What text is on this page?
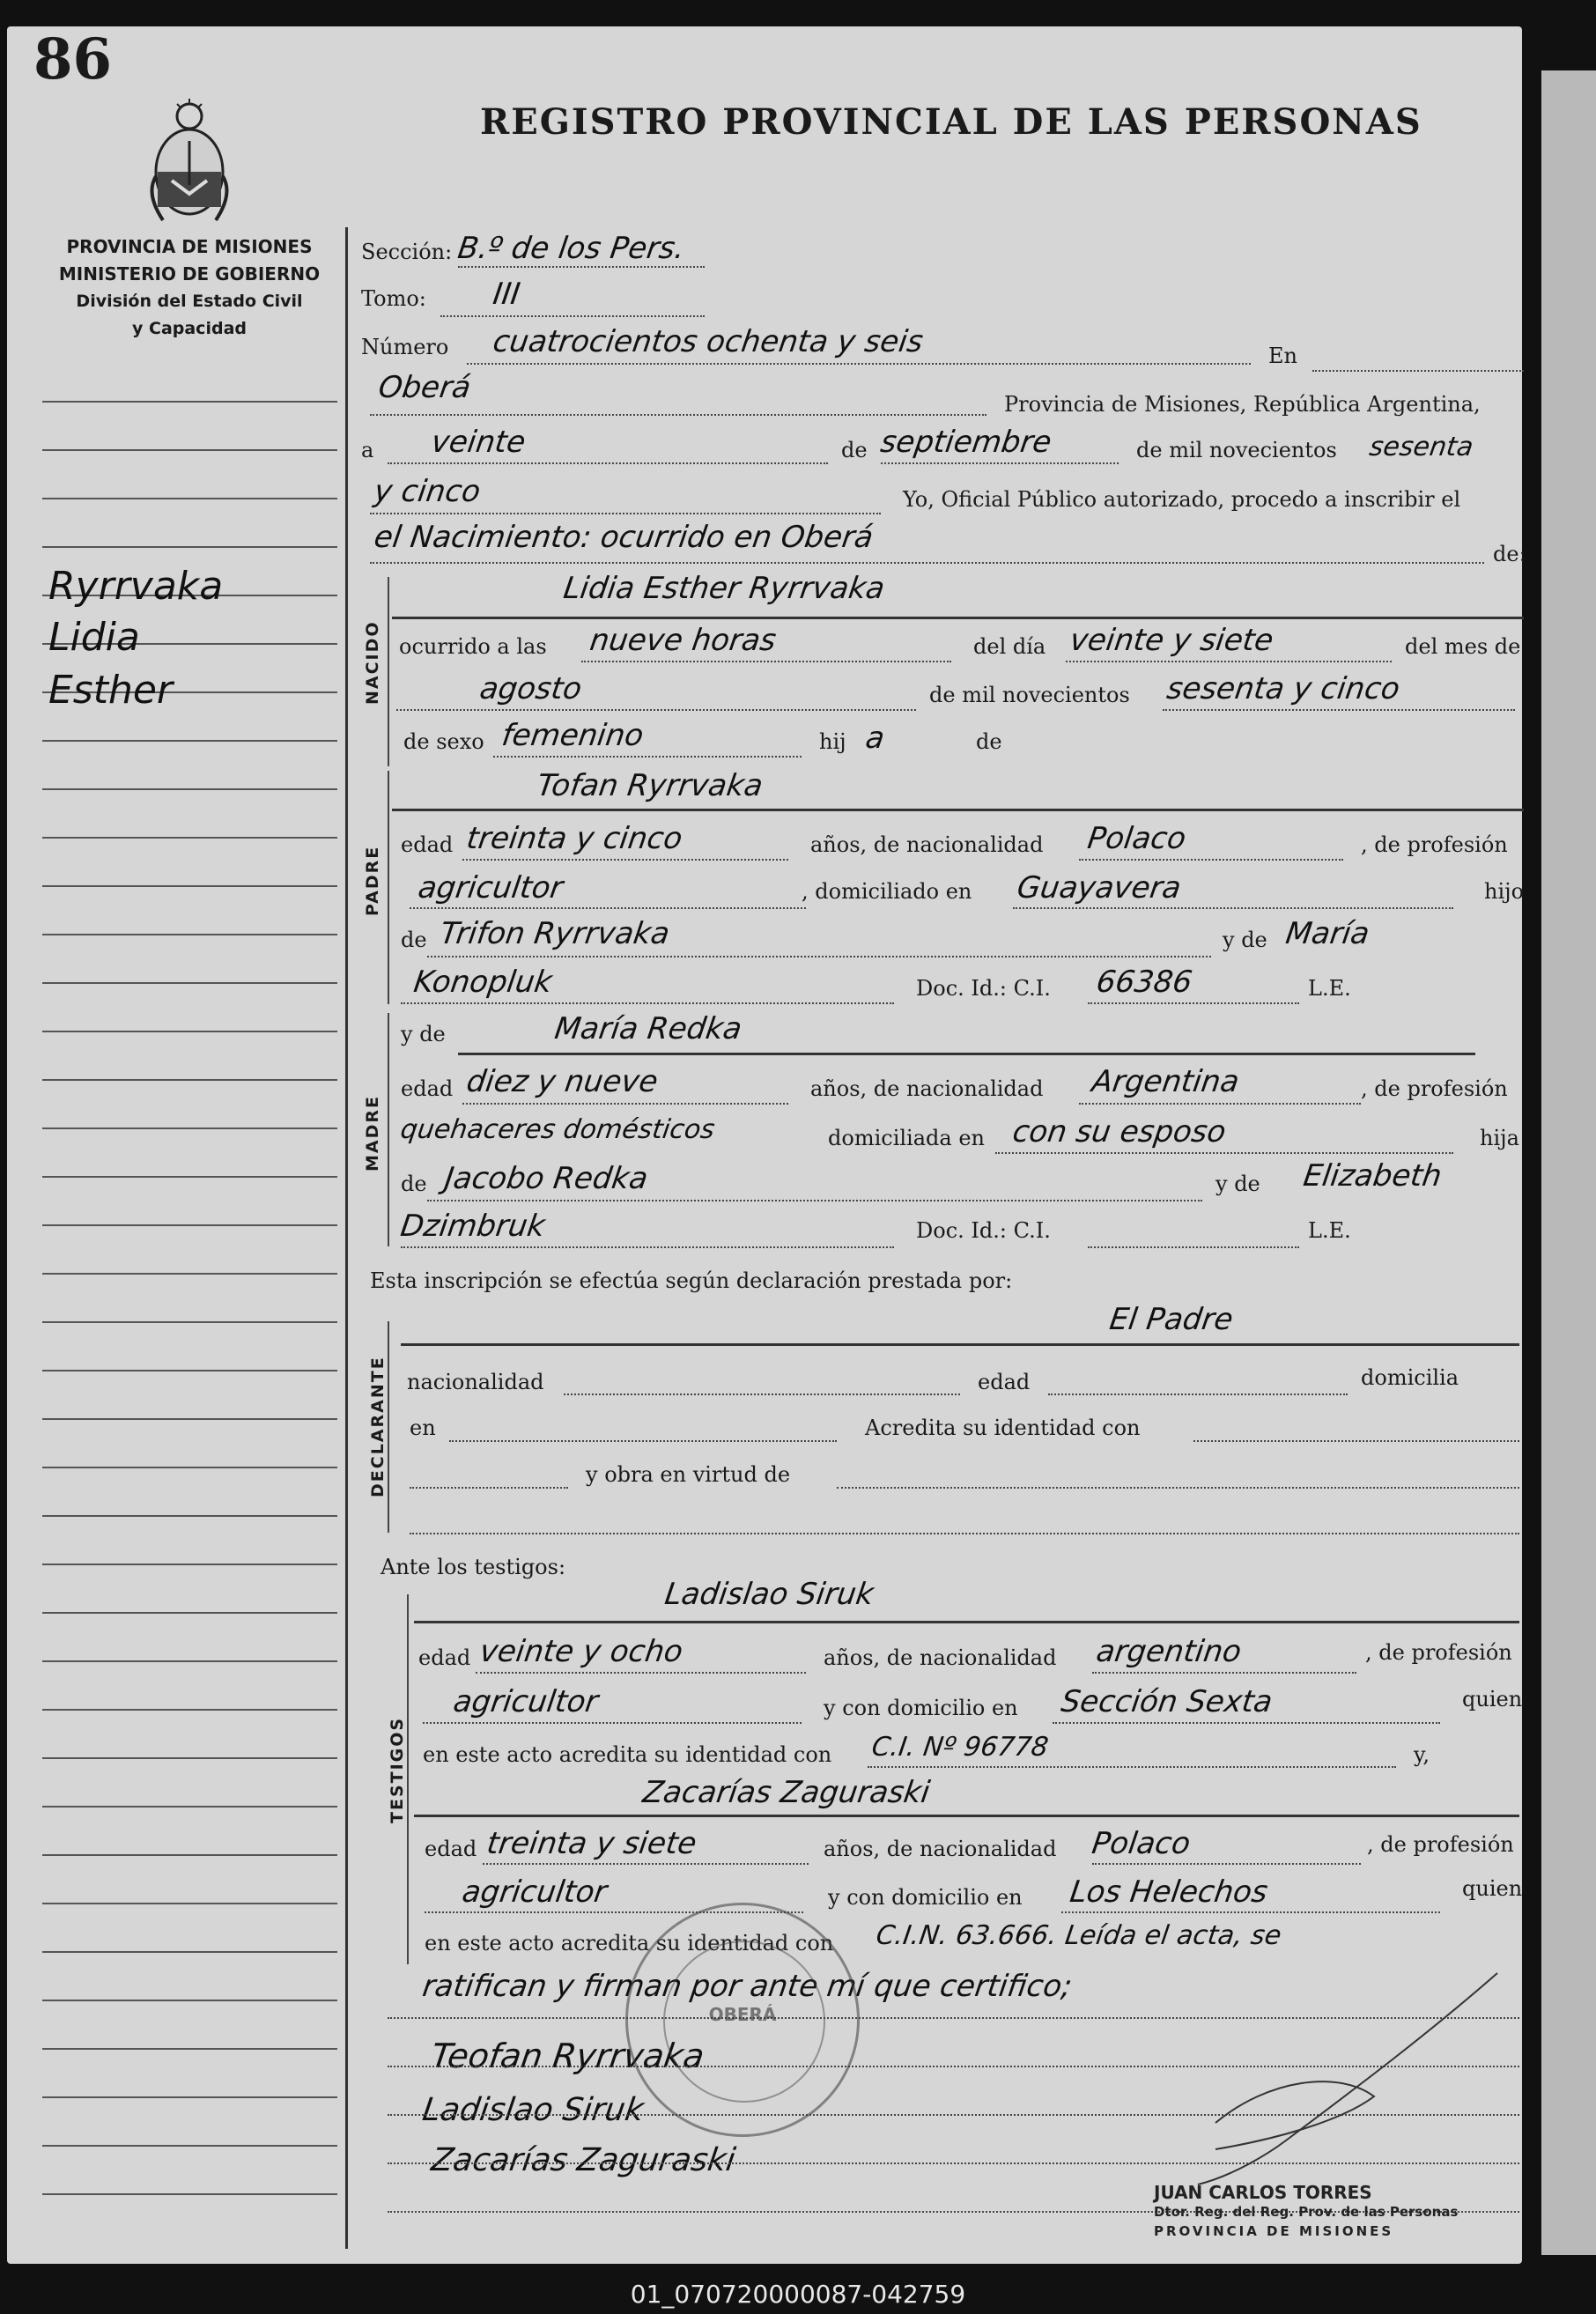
86
REGISTRO PROVINCIAL DE LAS PERSONAS
PROVINCIA DE MISIONES
MINISTERIO DE GOBIERNO
División del Estado Civil
y Capacidad
Ryrrvaka
Lidia
Esther
Sección: B.º de los Pers.
Tomo: III
Número cuatrocientos ochenta y seis	En
Oberá	Provincia de Misiones, República Argentina,
a veinte	de septiembre	de mil novecientos sesenta
y cinco	Yo, Oficial Público autorizado, procedo a inscribir el
el Nacimiento: ocurrido en Oberá	de:
NACIDO
Lidia Esther Ryrrvaka
ocurrido a las nueve horas	del día veinte y siete	del mes de
agosto	de mil novecientos sesenta y cinco
de sexo femenino	hij a	de
PADRE
Tofan Ryrrvaka
edad treinta y cinco	años, de nacionalidad Polaco	, de profesión
agricultor	, domiciliado en Guayavera	hijo
de Trifon Ryrrvaka	y de María
Konopluk	Doc. Id.: C.I. 66386	L.E.
MADRE
y de	María Redka
edad diez y nueve	años, de nacionalidad Argentina	, de profesión
quehaceres domésticos	domiciliada en con su esposo	hija
de Jacobo Redka	y de Elizabeth
Dzimbruk	Doc. Id.: C.I.	L.E.
Esta inscripción se efectúa según declaración prestada por:
El Padre
DECLARANTE nacionalidad	edad	domicilia
en	Acredita su identidad con
y obra en virtud de
Ante los testigos:
TESTIGOS
Ladislao Siruk
edad veinte y ocho	años, de nacionalidad argentino	, de profesión
agricultor	y con domicilio en Sección Sexta	quien
en este acto acredita su identidad con C.I. Nº 96778	y,
Zacarías Zaguraski
edad treinta y siete	años, de nacionalidad Polaco	, de profesión
agricultor	y con domicilio en Los Helechos	quien
en este acto acredita su identidad con C.I.N. 63.666. Leída el acta, se
ratifican y firman por ante mí que certifico;
Teofan Ryrrvaka
Ladislao Siruk
Zacarías Zaguraski
OBERÁ
JUAN CARLOS TORRES
Dtor. Reg. del Reg. Prov. de las Personas
PROVINCIA DE MISIONES
01_070720000087-042759
